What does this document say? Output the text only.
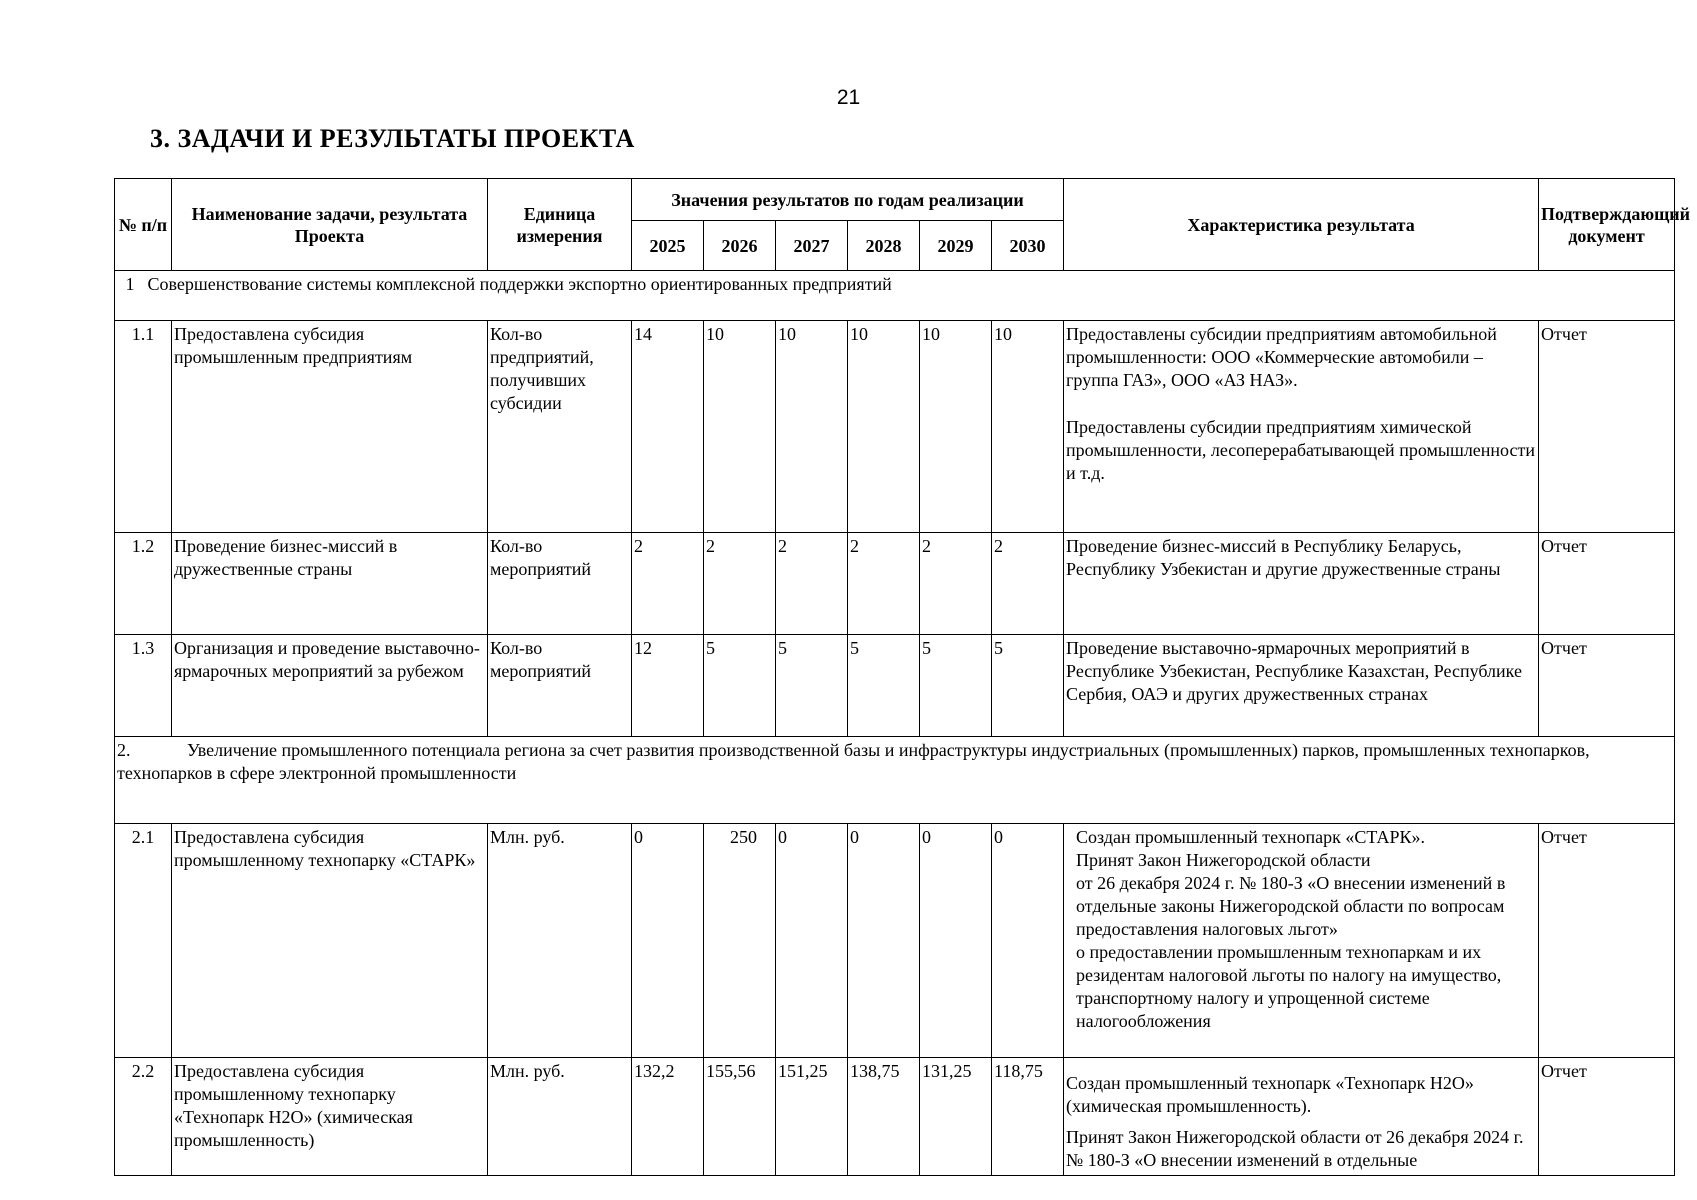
21
3. ЗАДАЧИ И РЕЗУЛЬТАТЫ ПРОЕКТА
№ п/п	Наименование задачи, результата Проекта	Единица измерения	Значения результатов по годам реализации						Характеристика результата	Подтверждающий документ
			2025	2026	2027	2028	2029	2030		
1 Совершенствование системы комплексной поддержки экспортно ориентированных предприятий										
1.1	Предоставлена субсидия промышленным предприятиям	Кол-во предприятий, получивших субсидии	14	10	10	10	10	10	Предоставлены субсидии предприятиям автомобильной промышленности: ООО «Коммерческие автомобили – группа ГАЗ», ООО «АЗ НАЗ».
Предоставлены субсидии предприятиям химической промышленности, лесоперерабатывающей промышленности и т.д.	Отчет
1.2	Проведение бизнес-миссий в дружественные страны	Кол-во мероприятий	2	2	2	2	2	2	Проведение бизнес-миссий в Республику Беларусь, Республику Узбекистан и другие дружественные страны	Отчет
1.3	Организация и проведение выставочно-ярмарочных мероприятий за рубежом	Кол-во мероприятий	12	5	5	5	5	5	Проведение выставочно-ярмарочных мероприятий в Республике Узбекистан, Республике Казахстан, Республике Сербия, ОАЭ и других дружественных странах	Отчет
2. Увеличение промышленного потенциала региона за счет развития производственной базы и инфраструктуры индустриальных (промышленных) парков, промышленных технопарков, технопарков в сфере электронной промышленности										
2.1	Предоставлена субсидия промышленному технопарку «СТАРК»	Млн. руб.	0	250	0	0	0	0	Создан промышленный технопарк «СТАРК».
Принят Закон Нижегородской области
от 26 декабря 2024 г. № 180-З «О внесении изменений в отдельные законы Нижегородской области по вопросам предоставления налоговых льгот»
о предоставлении промышленным технопаркам и их резидентам налоговой льготы по налогу на имущество, транспортному налогу и упрощенной системе налогообложения	Отчет
2.2	Предоставлена субсидия промышленному технопарку «Технопарк Н2О» (химическая промышленность)	Млн. руб.	132,2	155,56	151,25	138,75	131,25	118,75	Создан промышленный технопарк «Технопарк Н2О» (химическая промышленность).
Принят Закон Нижегородской области от 26 декабря 2024 г. № 180-З «О внесении изменений в отдельные	Отчет
